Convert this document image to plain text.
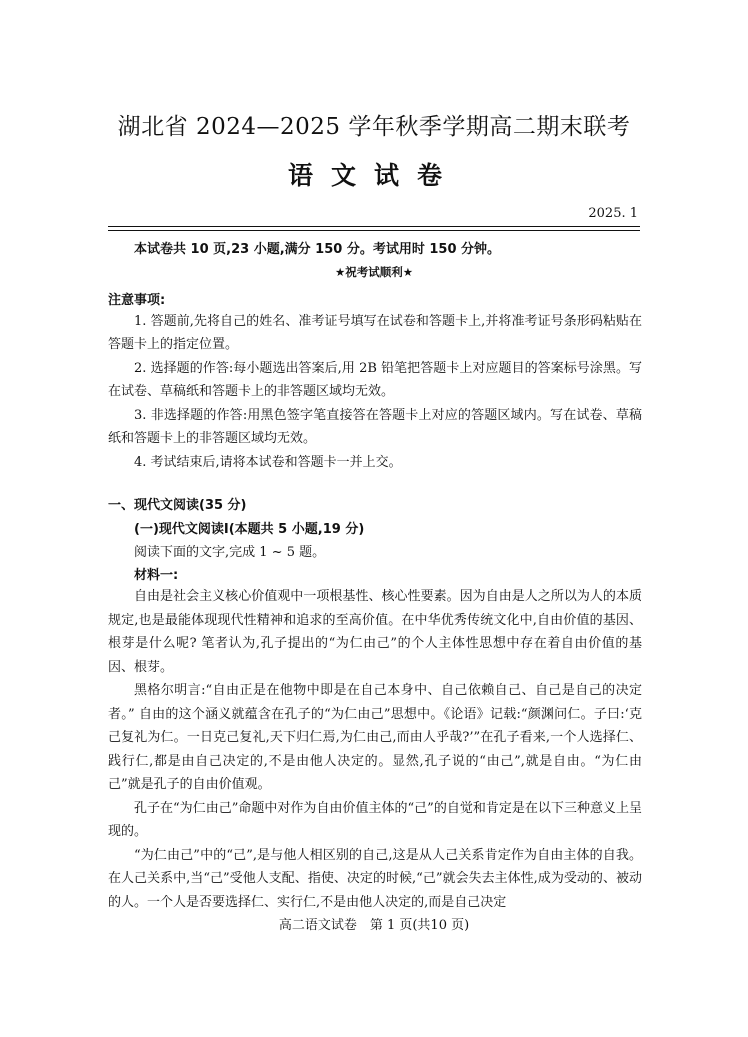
湖北省 2024—2025 学年秋季学期高二期末联考
语文试卷
2025. 1
本试卷共 10 页,23 小题,满分 150 分。考试用时 150 分钟。
★祝考试顺利★
注意事项:

1. 答题前,先将自己的姓名、准考证号填写在试卷和答题卡上,并将准考证号条形码粘贴在答题卡上的指定位置。

2. 选择题的作答:每小题选出答案后,用 2B 铅笔把答题卡上对应题目的答案标号涂黑。写在试卷、草稿纸和答题卡上的非答题区域均无效。

3. 非选择题的作答:用黑色签字笔直接答在答题卡上对应的答题区域内。写在试卷、草稿纸和答题卡上的非答题区域均无效。

4. 考试结束后,请将本试卷和答题卡一并上交。

一、现代文阅读(35 分)
(一)现代文阅读Ⅰ(本题共 5 小题,19 分)
阅读下面的文字,完成 1 ~ 5 题。
材料一:

自由是社会主义核心价值观中一项根基性、核心性要素。因为自由是人之所以为人的本质规定,也是最能体现现代性精神和追求的至高价值。在中华优秀传统文化中,自由价值的基因、根芽是什么呢? 笔者认为,孔子提出的“为仁由己”的个人主体性思想中存在着自由价值的基因、根芽。

黑格尔明言:“自由正是在他物中即是在自己本身中、自己依赖自己、自己是自己的决定者。” 自由的这个涵义就蕴含在孔子的“为仁由己”思想中。《论语》记载:“颜渊问仁。子曰:‘克己复礼为仁。一日克己复礼,天下归仁焉,为仁由己,而由人乎哉?’”在孔子看来,一个人选择仁、践行仁,都是由自己决定的,不是由他人决定的。显然,孔子说的“由己”,就是自由。“为仁由己”就是孔子的自由价值观。

孔子在“为仁由己”命题中对作为自由价值主体的“己”的自觉和肯定是在以下三种意义上呈现的。

“为仁由己”中的“己”,是与他人相区别的自己,这是从人己关系肯定作为自由主体的自我。在人己关系中,当“己”受他人支配、指使、决定的时候,“己”就会失去主体性,成为受动的、被动的人。一个人是否要选择仁、实行仁,不是由他人决定的,而是自己决定

高二语文试卷　第 1 页(共10 页)
